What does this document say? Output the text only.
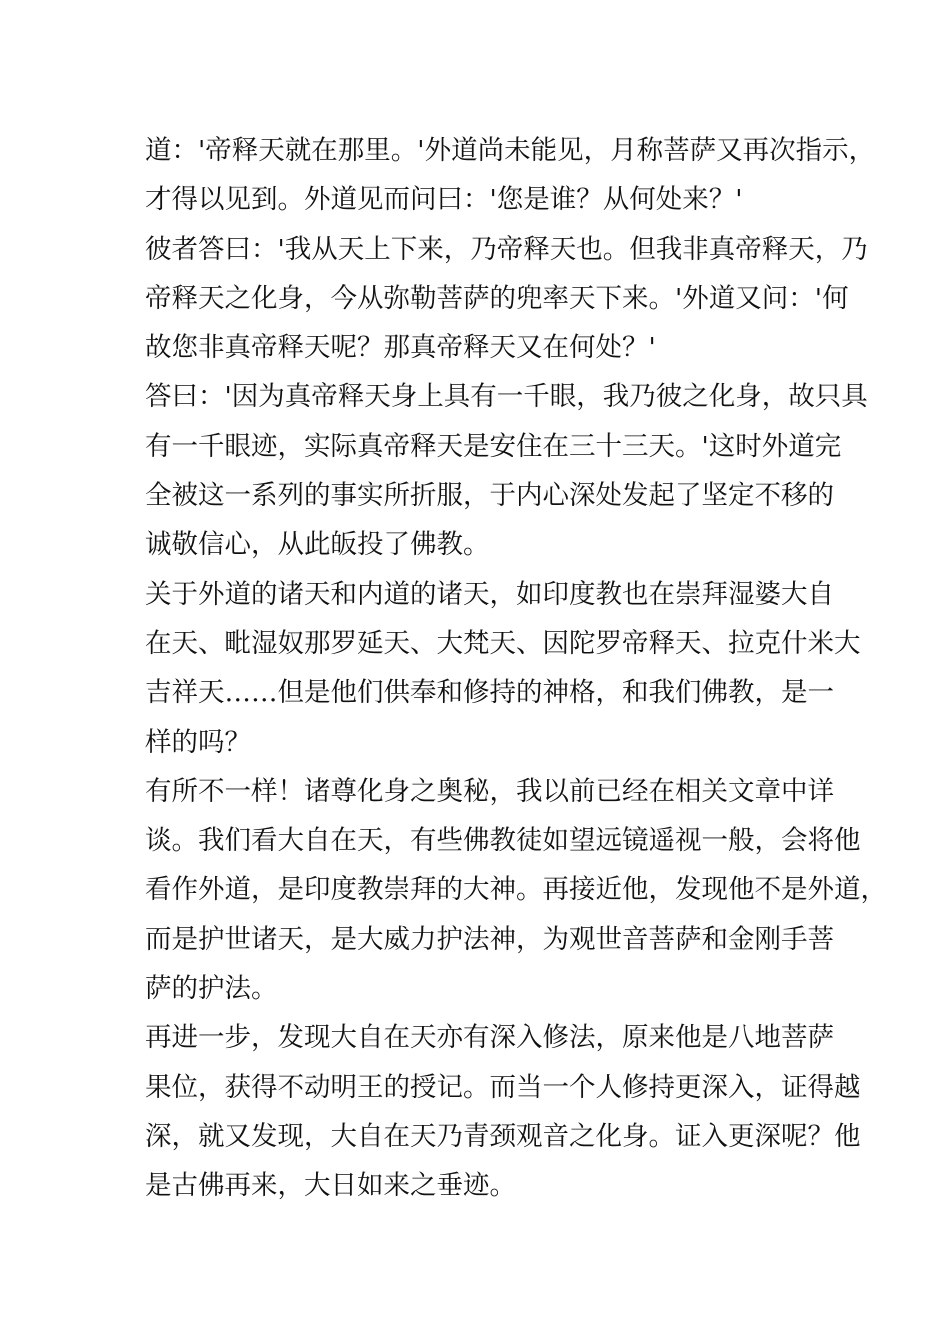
道：'帝释天就在那里。'外道尚未能见，月称菩萨又再次指示，
才得以见到。外道见而问曰：'您是谁？从何处来？'
彼者答曰：'我从天上下来，乃帝释天也。但我非真帝释天，乃
帝释天之化身，今从弥勒菩萨的兜率天下来。'外道又问：'何
故您非真帝释天呢？那真帝释天又在何处？'
答曰：'因为真帝释天身上具有一千眼，我乃彼之化身，故只具
有一千眼迹，实际真帝释天是安住在三十三天。'这时外道完
全被这一系列的事实所折服，于内心深处发起了坚定不移的
诚敬信心，从此皈投了佛教。
关于外道的诸天和内道的诸天，如印度教也在崇拜湿婆大自
在天、毗湿奴那罗延天、大梵天、因陀罗帝释天、拉克什米大
吉祥天……但是他们供奉和修持的神格，和我们佛教，是一
样的吗？
有所不一样！诸尊化身之奥秘，我以前已经在相关文章中详
谈。我们看大自在天，有些佛教徒如望远镜遥视一般，会将他
看作外道，是印度教崇拜的大神。再接近他，发现他不是外道，
而是护世诸天，是大威力护法神，为观世音菩萨和金刚手菩
萨的护法。
再进一步，发现大自在天亦有深入修法，原来他是八地菩萨
果位，获得不动明王的授记。而当一个人修持更深入，证得越
深，就又发现，大自在天乃青颈观音之化身。证入更深呢？他
是古佛再来，大日如来之垂迹。
